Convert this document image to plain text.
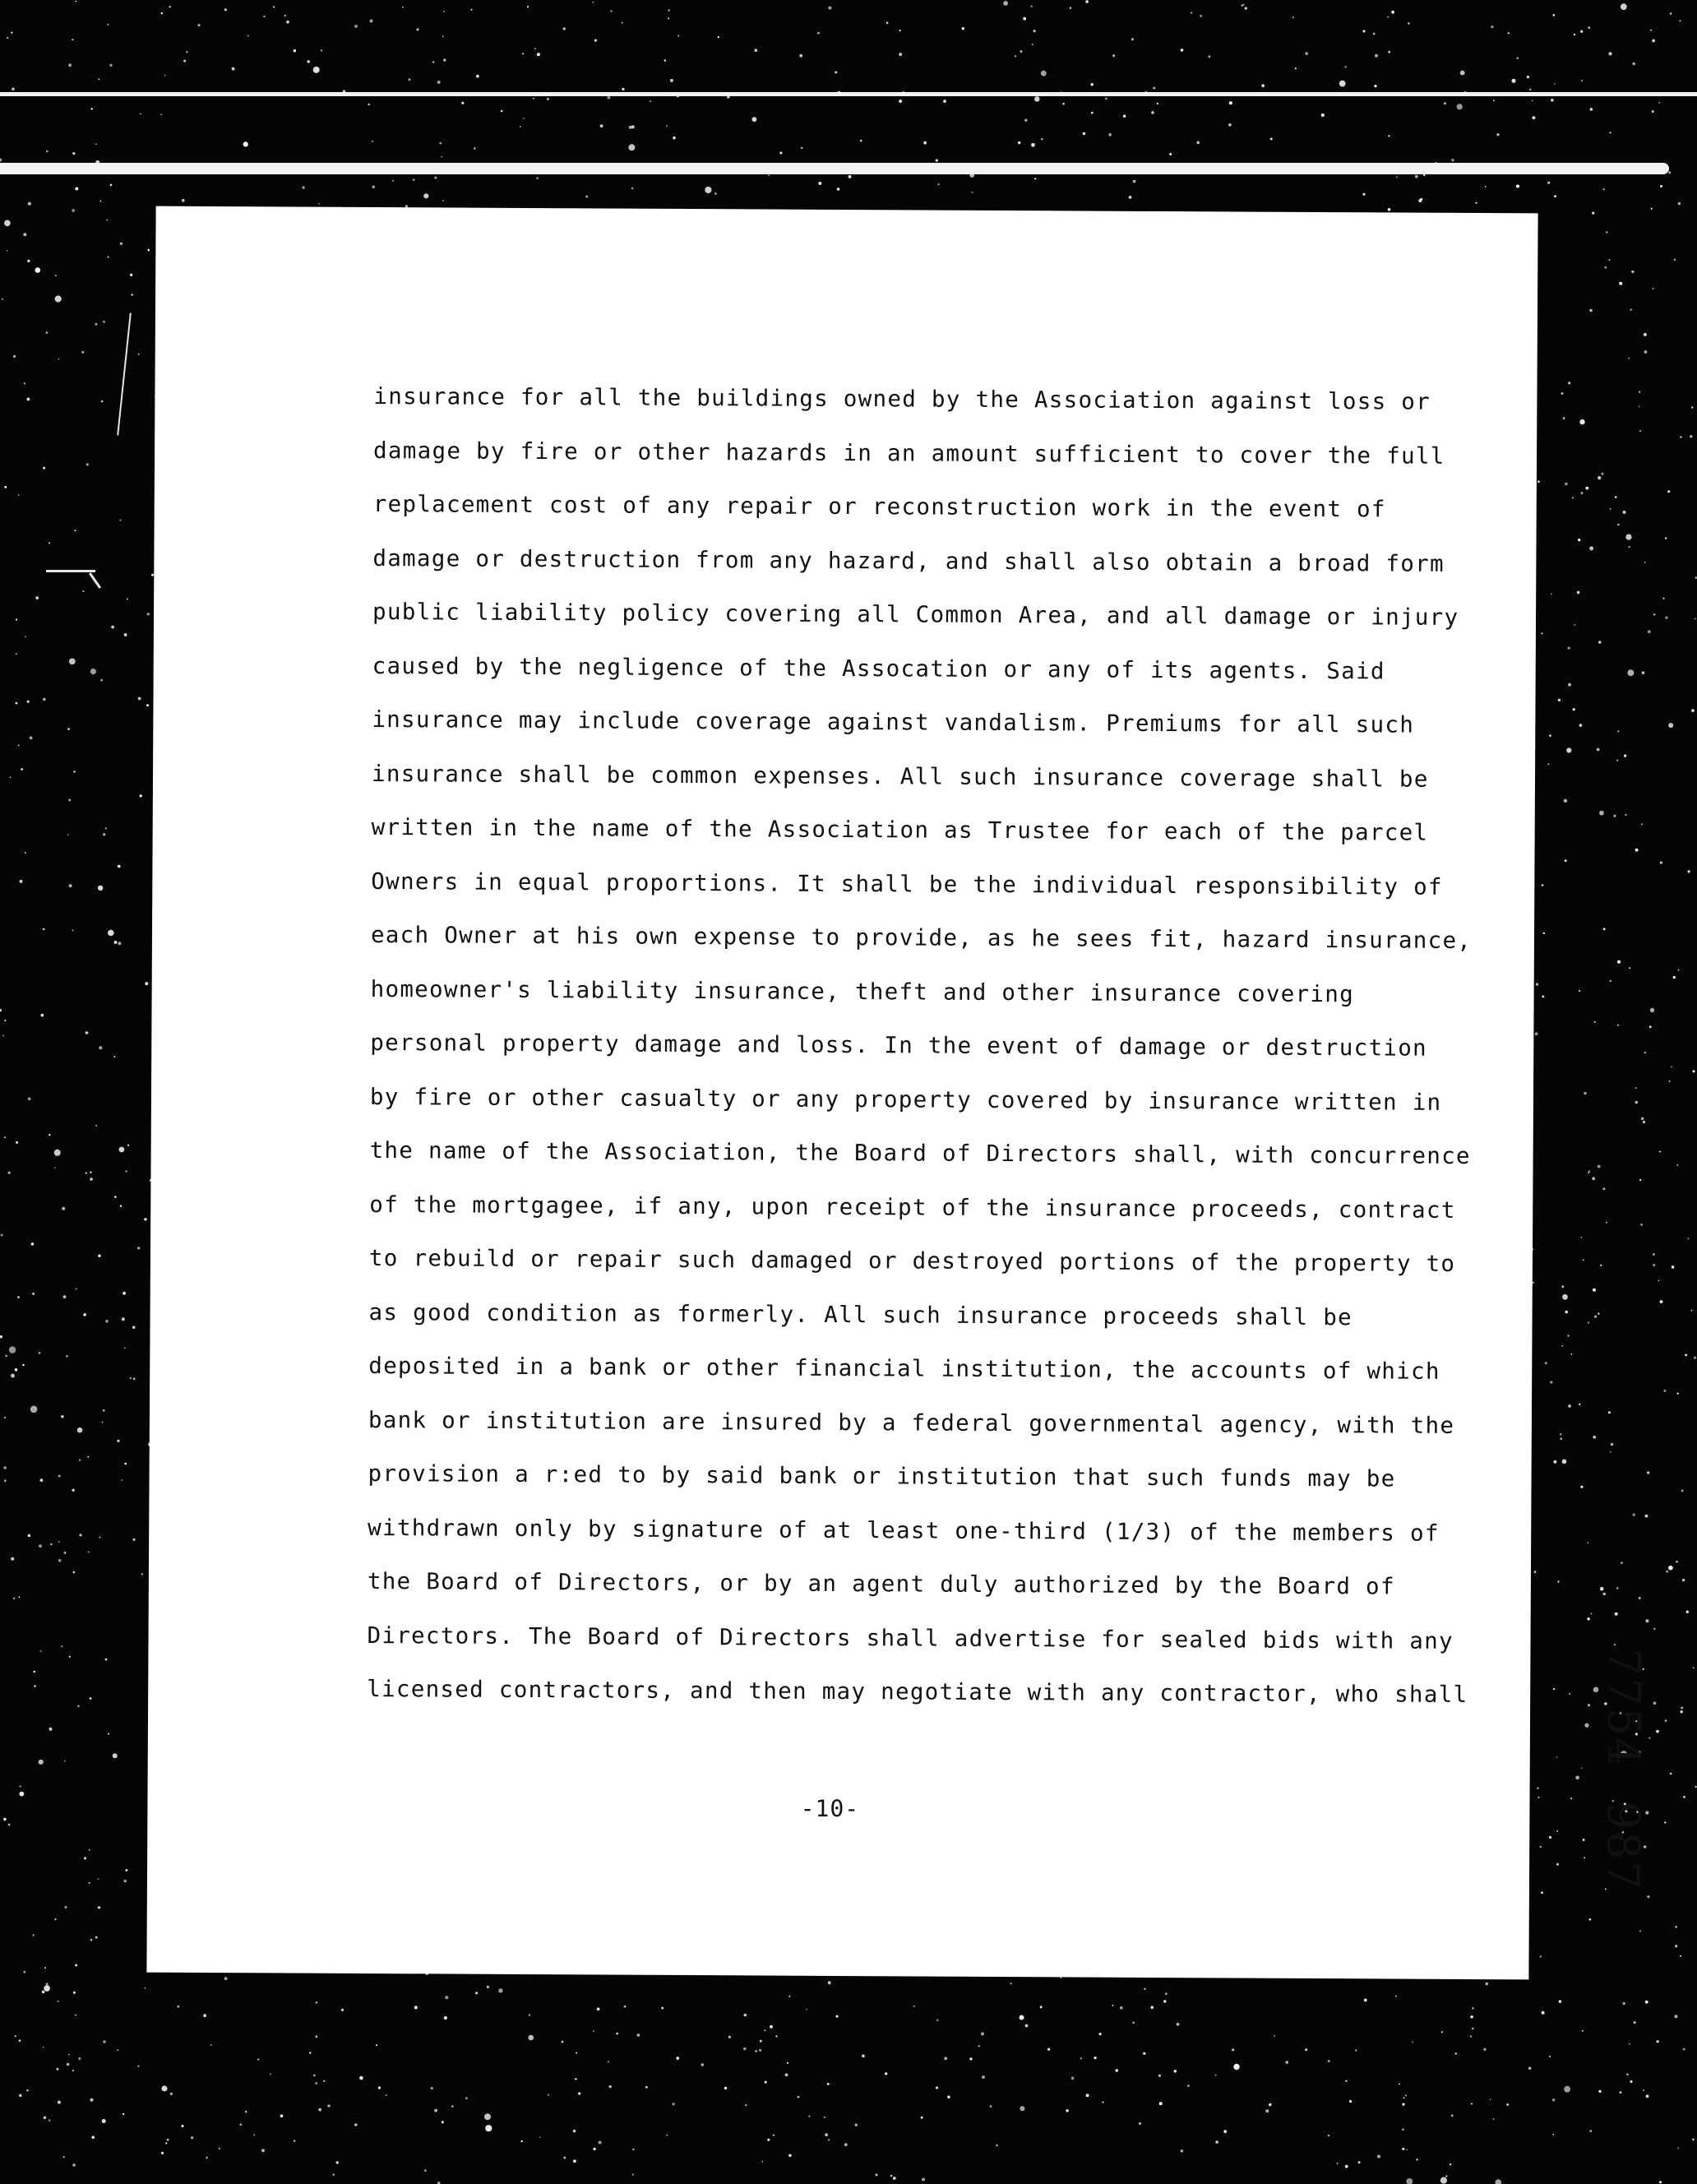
insurance for all the buildings owned by the Association against loss or
damage by fire or other hazards in an amount sufficient to cover the full
replacement cost of any repair or reconstruction work in the event of
damage or destruction from any hazard, and shall also obtain a broad form
public liability policy covering all Common Area, and all damage or injury
caused by the negligence of the Assocation or any of its agents. Said
insurance may include coverage against vandalism. Premiums for all such
insurance shall be common expenses. All such insurance coverage shall be
written in the name of the Association as Trustee for each of the parcel
Owners in equal proportions. It shall be the individual responsibility of
each Owner at his own expense to provide, as he sees fit, hazard insurance,
homeowner's liability insurance, theft and other insurance covering
personal property damage and loss. In the event of damage or destruction
by fire or other casualty or any property covered by insurance written in
the name of the Association, the Board of Directors shall, with concurrence
of the mortgagee, if any, upon receipt of the insurance proceeds, contract
to rebuild or repair such damaged or destroyed portions of the property to
as good condition as formerly. All such insurance proceeds shall be
deposited in a bank or other financial institution, the accounts of which
bank or institution are insured by a federal governmental agency, with the
provision a r:ed to by said bank or institution that such funds may be
withdrawn only by signature of at least one-third (1/3) of the members of
the Board of Directors, or by an agent duly authorized by the Board of
Directors. The Board of Directors shall advertise for sealed bids with any
licensed contractors, and then may negotiate with any contractor, who shall
-10-	7754 987
